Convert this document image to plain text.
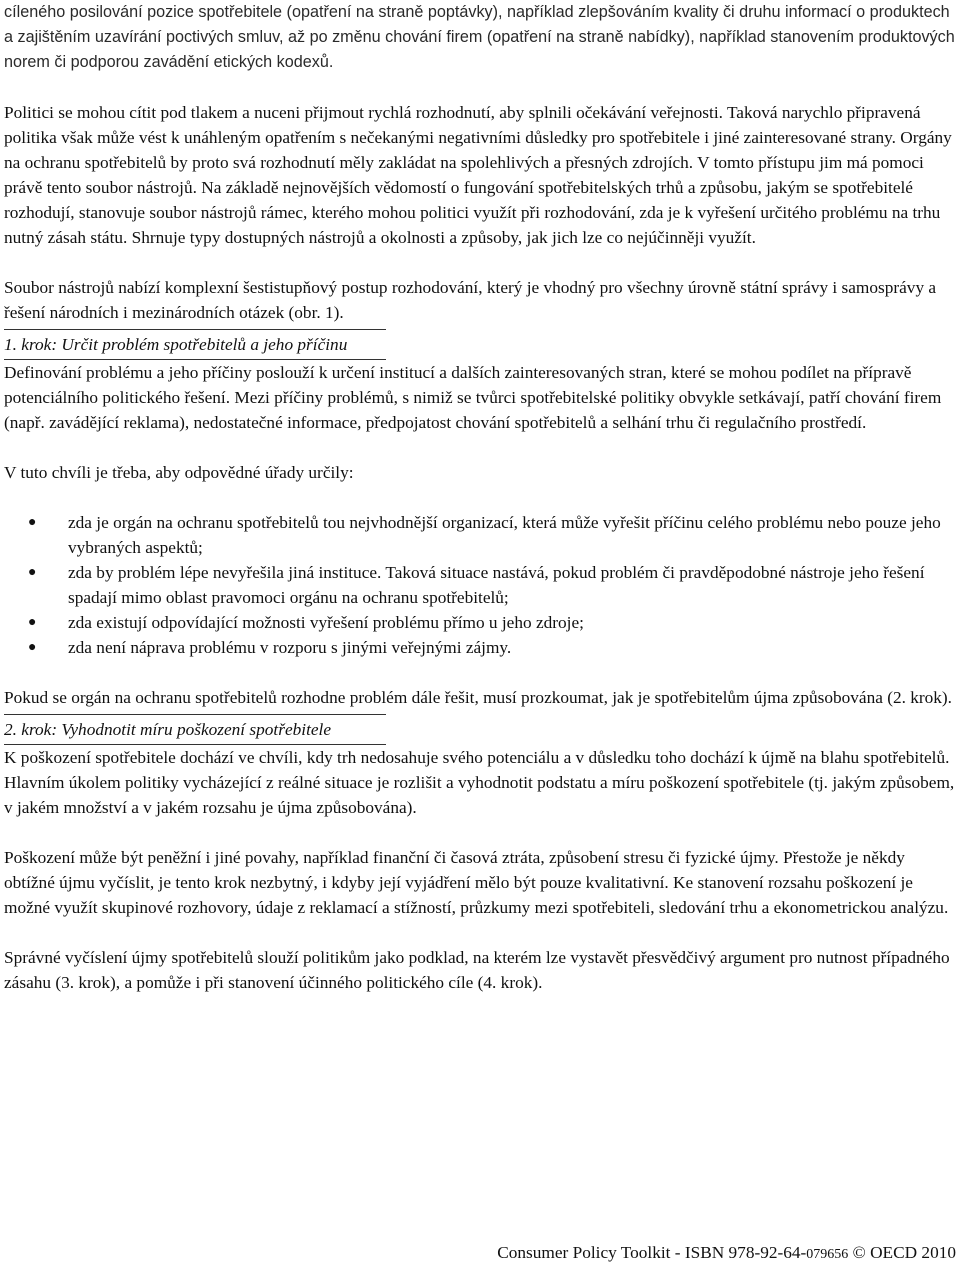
cíleného posilování pozice spotřebitele (opatření na straně poptávky), například zlepšováním kvality či druhu informací o produktech a zajištěním uzavírání poctivých smluv, až po změnu chování firem (opatření na straně nabídky), například stanovením produktových norem či podporou zavádění etických kodexů.

Politici se mohou cítit pod tlakem a nuceni přijmout rychlá rozhodnutí, aby splnili očekávání veřejnosti. Taková narychlo připravená politika však může vést k unáhleným opatřením s nečekanými negativními důsledky pro spotřebitele i jiné zainteresované strany. Orgány na ochranu spotřebitelů by proto svá rozhodnutí měly zakládat na spolehlivých a přesných zdrojích. V tomto přístupu jim má pomoci právě tento soubor nástrojů. Na základě nejnovějších vědomostí o fungování spotřebitelských trhů a způsobu, jakým se spotřebitelé rozhodují, stanovuje soubor nástrojů rámec, kterého mohou politici využít při rozhodování, zda je k vyřešení určitého problému na trhu nutný zásah státu. Shrnuje typy dostupných nástrojů a okolnosti a způsoby, jak jich lze co nejúčinněji využít.

Soubor nástrojů nabízí komplexní šestistupňový postup rozhodování, který je vhodný pro všechny úrovně státní správy i samosprávy a řešení národních i mezinárodních otázek (obr. 1).

1. krok: Určit problém spotřebitelů a jeho příčinu

Definování problému a jeho příčiny poslouží k určení institucí a dalších zainteresovaných stran, které se mohou podílet na přípravě potenciálního politického řešení. Mezi příčiny problémů, s nimiž se tvůrci spotřebitelské politiky obvykle setkávají, patří chování firem (např. zavádějící reklama), nedostatečné informace, předpojatost chování spotřebitelů a selhání trhu či regulačního prostředí.

V tuto chvíli je třeba, aby odpovědné úřady určily:

● zda je orgán na ochranu spotřebitelů tou nejvhodnější organizací, která může vyřešit příčinu celého problému nebo pouze jeho vybraných aspektů;
● zda by problém lépe nevyřešila jiná instituce. Taková situace nastává, pokud problém či pravděpodobné nástroje jeho řešení spadají mimo oblast pravomoci orgánu na ochranu spotřebitelů;
● zda existují odpovídající možnosti vyřešení problému přímo u jeho zdroje;
● zda není náprava problému v rozporu s jinými veřejnými zájmy.

Pokud se orgán na ochranu spotřebitelů rozhodne problém dále řešit, musí prozkoumat, jak je spotřebitelům újma způsobována (2. krok).

2. krok: Vyhodnotit míru poškození spotřebitele

K poškození spotřebitele dochází ve chvíli, kdy trh nedosahuje svého potenciálu a v důsledku toho dochází k újmě na blahu spotřebitelů. Hlavním úkolem politiky vycházející z reálné situace je rozlišit a vyhodnotit podstatu a míru poškození spotřebitele (tj. jakým způsobem, v jakém množství a v jakém rozsahu je újma způsobována).

Poškození může být peněžní i jiné povahy, například finanční či časová ztráta, způsobení stresu či fyzické újmy. Přestože je někdy obtížné újmu vyčíslit, je tento krok nezbytný, i kdyby její vyjádření mělo být pouze kvalitativní. Ke stanovení rozsahu poškození je možné využít skupinové rozhovory, údaje z reklamací a stížností, průzkumy mezi spotřebiteli, sledování trhu a ekonometrickou analýzu.

Správné vyčíslení újmy spotřebitelů slouží politikům jako podklad, na kterém lze vystavět přesvědčivý argument pro nutnost případného zásahu (3. krok), a pomůže i při stanovení účinného politického cíle (4. krok).

Consumer Policy Toolkit - ISBN 978-92-64-079656 © OECD 2010
